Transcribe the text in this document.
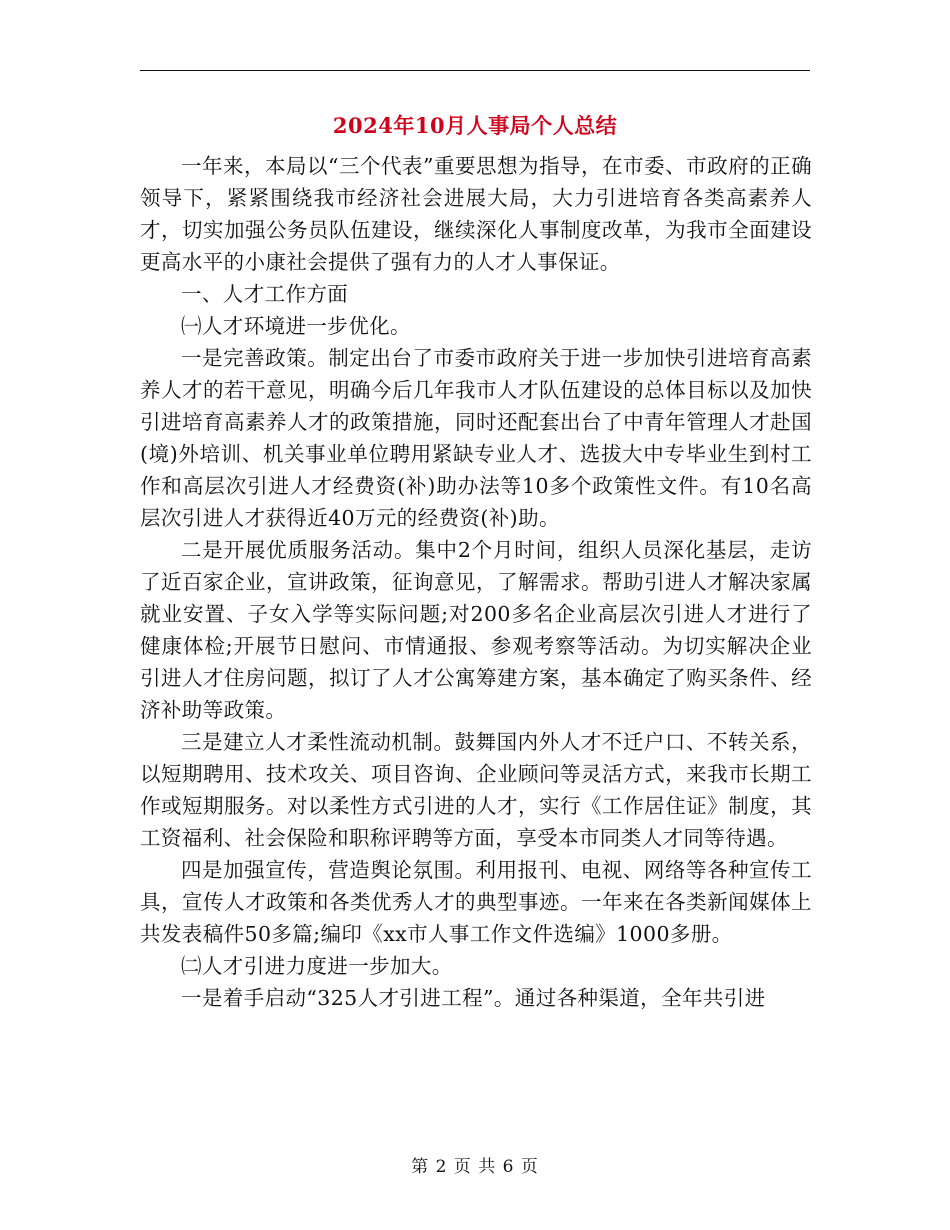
2024年10月人事局个人总结

一年来，本局以“三个代表”重要思想为指导，在市委、市政府的正确领导下，紧紧围绕我市经济社会进展大局，大力引进培育各类高素养人才，切实加强公务员队伍建设，继续深化人事制度改革，为我市全面建设更高水平的小康社会提供了强有力的人才人事保证。

一、人才工作方面

㈠人才环境进一步优化。

一是完善政策。制定出台了市委市政府关于进一步加快引进培育高素养人才的若干意见，明确今后几年我市人才队伍建设的总体目标以及加快引进培育高素养人才的政策措施，同时还配套出台了中青年管理人才赴国(境)外培训、机关事业单位聘用紧缺专业人才、选拔大中专毕业生到村工作和高层次引进人才经费资(补)助办法等10多个政策性文件。有10名高层次引进人才获得近40万元的经费资(补)助。

二是开展优质服务活动。集中2个月时间，组织人员深化基层，走访了近百家企业，宣讲政策，征询意见，了解需求。帮助引进人才解决家属就业安置、子女入学等实际问题;对200多名企业高层次引进人才进行了健康体检;开展节日慰问、市情通报、参观考察等活动。为切实解决企业引进人才住房问题，拟订了人才公寓筹建方案，基本确定了购买条件、经济补助等政策。

三是建立人才柔性流动机制。鼓舞国内外人才不迁户口、不转关系，以短期聘用、技术攻关、项目咨询、企业顾问等灵活方式，来我市长期工作或短期服务。对以柔性方式引进的人才，实行《工作居住证》制度，其工资福利、社会保险和职称评聘等方面，享受本市同类人才同等待遇。

四是加强宣传，营造舆论氛围。利用报刊、电视、网络等各种宣传工具，宣传人才政策和各类优秀人才的典型事迹。一年来在各类新闻媒体上共发表稿件50多篇;编印《xx市人事工作文件选编》1000多册。

㈡人才引进力度进一步加大。

一是着手启动“325人才引进工程”。通过各种渠道，全年共引进

第 2 页 共 6 页
